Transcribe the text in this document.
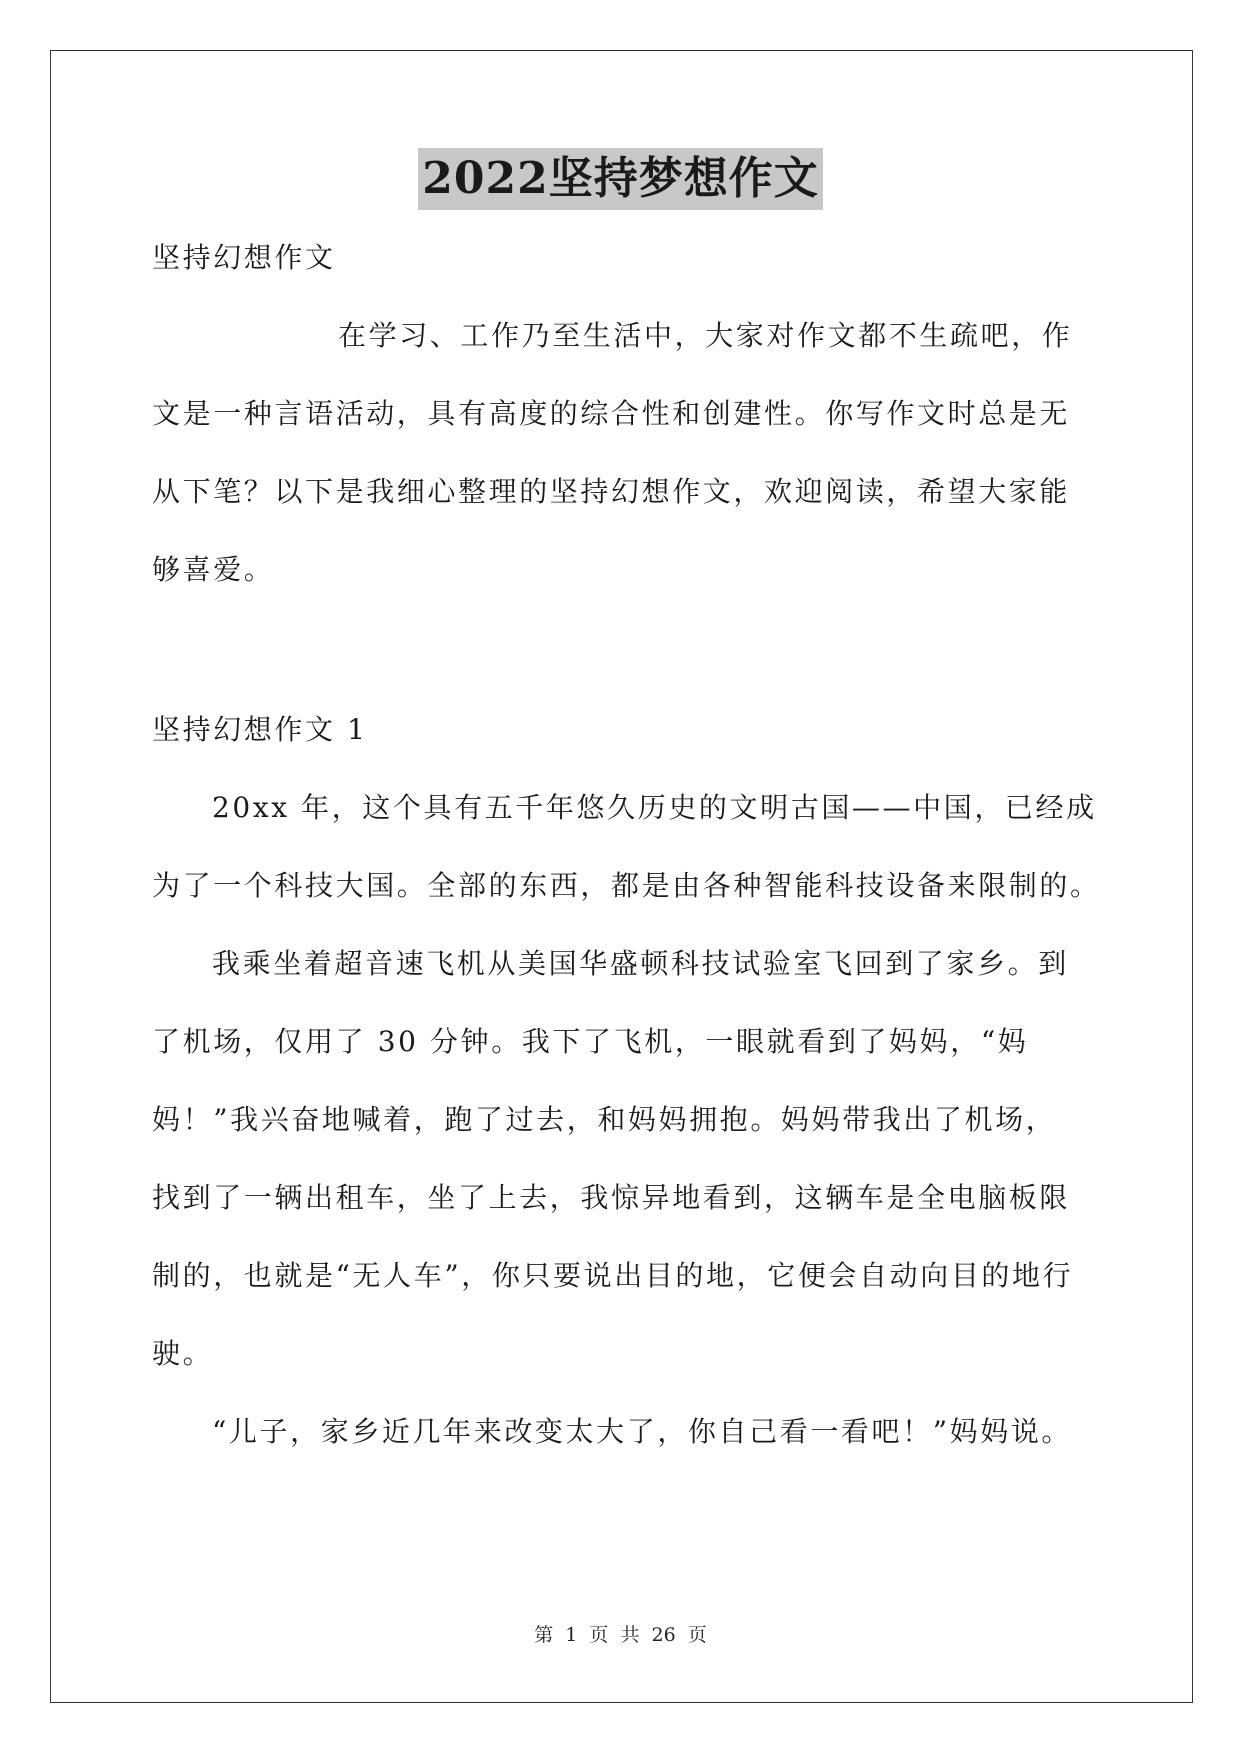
2022坚持梦想作文
坚持幻想作文
在学习、工作乃至生活中，大家对作文都不生疏吧，作
文是一种言语活动，具有高度的综合性和创建性。你写作文时总是无
从下笔？以下是我细心整理的坚持幻想作文，欢迎阅读，希望大家能
够喜爱。
坚持幻想作文 1
20xx 年，这个具有五千年悠久历史的文明古国——中国，已经成
为了一个科技大国。全部的东西，都是由各种智能科技设备来限制的。
我乘坐着超音速飞机从美国华盛顿科技试验室飞回到了家乡。到
了机场，仅用了 30 分钟。我下了飞机，一眼就看到了妈妈，“妈
妈！”我兴奋地喊着，跑了过去，和妈妈拥抱。妈妈带我出了机场，
找到了一辆出租车，坐了上去，我惊异地看到，这辆车是全电脑板限
制的，也就是“无人车”，你只要说出目的地，它便会自动向目的地行
驶。
“儿子，家乡近几年来改变太大了，你自己看一看吧！”妈妈说。
第 1 页 共 26 页
